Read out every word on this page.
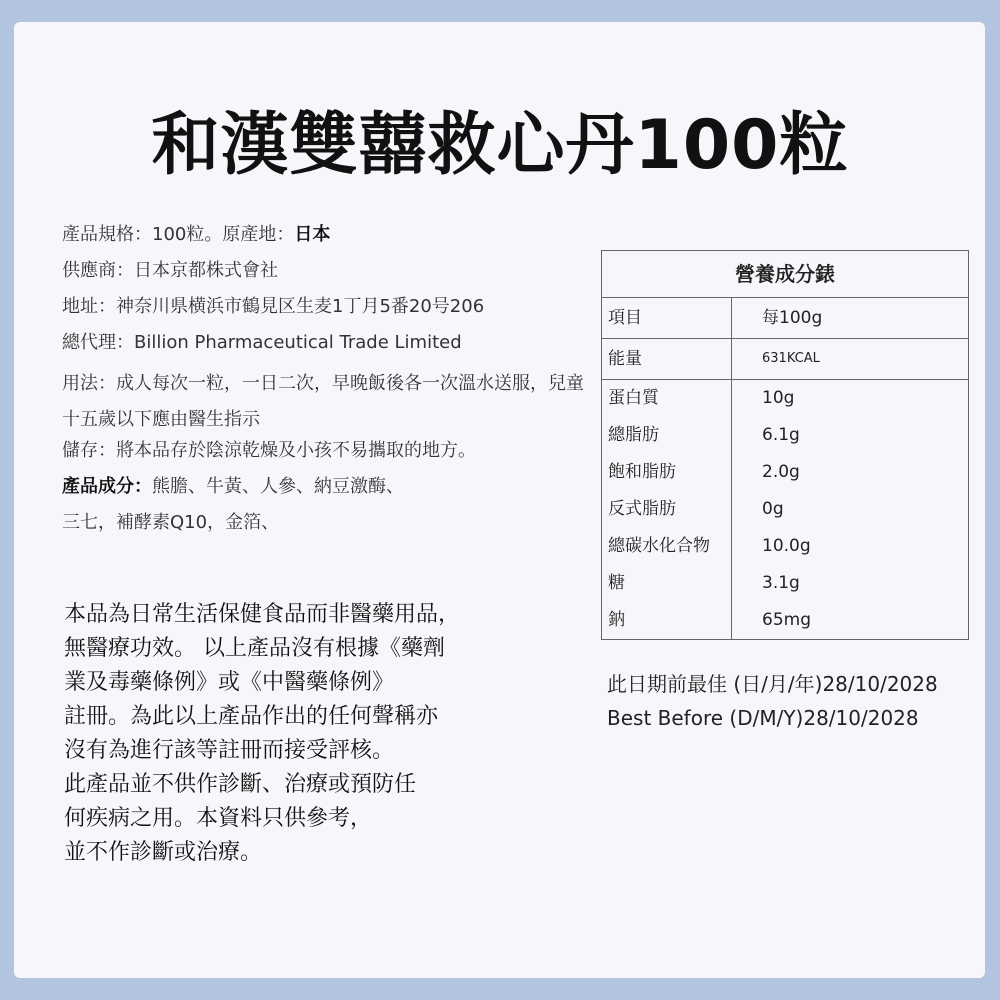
和漢雙囍救心丹100粒
產品規格：100粒。原產地：日本
供應商：日本京都株式會社
地址：神奈川県横浜市鶴見区生麦1丁月5番20号206
總代理：Billion Pharmaceutical Trade Limited
用法：成人每次一粒，一日二次，早晚飯後各一次溫水送服，兒童十五歲以下應由醫生指示
儲存：將本品存於陰涼乾燥及小孩不易攜取的地方。
產品成分：熊膽、牛黃、人參、納豆激酶、
三七，補酵素Q10，金箔、
本品為日常生活保健食品而非醫藥用品，
無醫療功效。 以上產品沒有根據《藥劑
業及毒藥條例》或《中醫藥條例》
註冊。為此以上產品作出的任何聲稱亦
沒有為進行該等註冊而接受評核。
此產品並不供作診斷、治療或預防任
何疾病之用。本資料只供參考，
並不作診斷或治療。
營養成分錶
項目	每100g
能量	631KCAL
蛋白質	10g
總脂肪	6.1g
飽和脂肪	2.0g
反式脂肪	0g
總碳水化合物	10.0g
糖	3.1g
鈉	65mg
此日期前最佳 (日/月/年)28/10/2028
Best Before (D/M/Y)28/10/2028
